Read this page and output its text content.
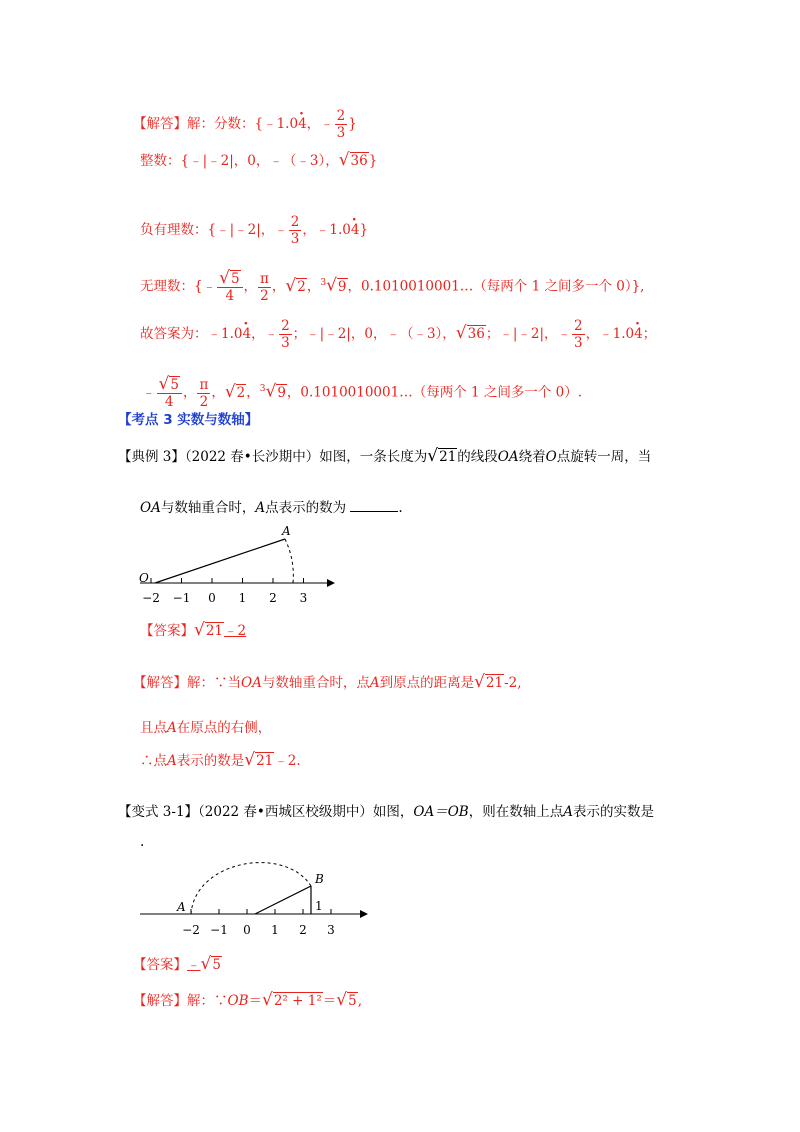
【解答】解：分数：{﹣1.0· 4，﹣ $\frac{2}{3}$ }
整数：{﹣|﹣2|，0，﹣（﹣3），√36}
负有理数：{﹣|﹣2|，﹣ $\frac{2}{3}$ ，﹣1.0· 4}
无理数：{﹣ $\frac{√5}{4}$ ， $\frac{\pi}{2}$ ，√2，$^3$√9，0.1010010001…（每两个 1 之间多一个 0）},
故答案为：﹣1.0· 4，﹣ $\frac{2}{3}$ ；﹣|﹣2|，0，﹣（﹣3），√36；﹣|﹣2|，﹣ $\frac{2}{3}$ ，﹣1.0· 4；
﹣ $\frac{√5}{4}$ ， $\frac{\pi}{2}$ ，√2，$^3$√9，0.1010010001…（每两个 1 之间多一个 0）.
【考点 3 实数与数轴】
【典例 3】（2022 春•长沙期中）如图，一条长度为√21的线段OA绕着O点旋转一周，当
OA与数轴重合时，A点表示的数为	.
A
O
−2 −1 0 1 2 3
【答案】√21﹣2
【解答】解：∵当OA与数轴重合时，点A到原点的距离是√21-2,
且点A在原点的右侧，
∴点A表示的数是√21﹣2.
【变式 3-1】（2022 春•西城区校级期中）如图，OA＝OB，则在数轴上点A表示的实数是
.
A
B
1
−2 −1 0 1 2 3
【答案】﹣√5
【解答】解：∵OB＝√2² + 1²＝√5,
